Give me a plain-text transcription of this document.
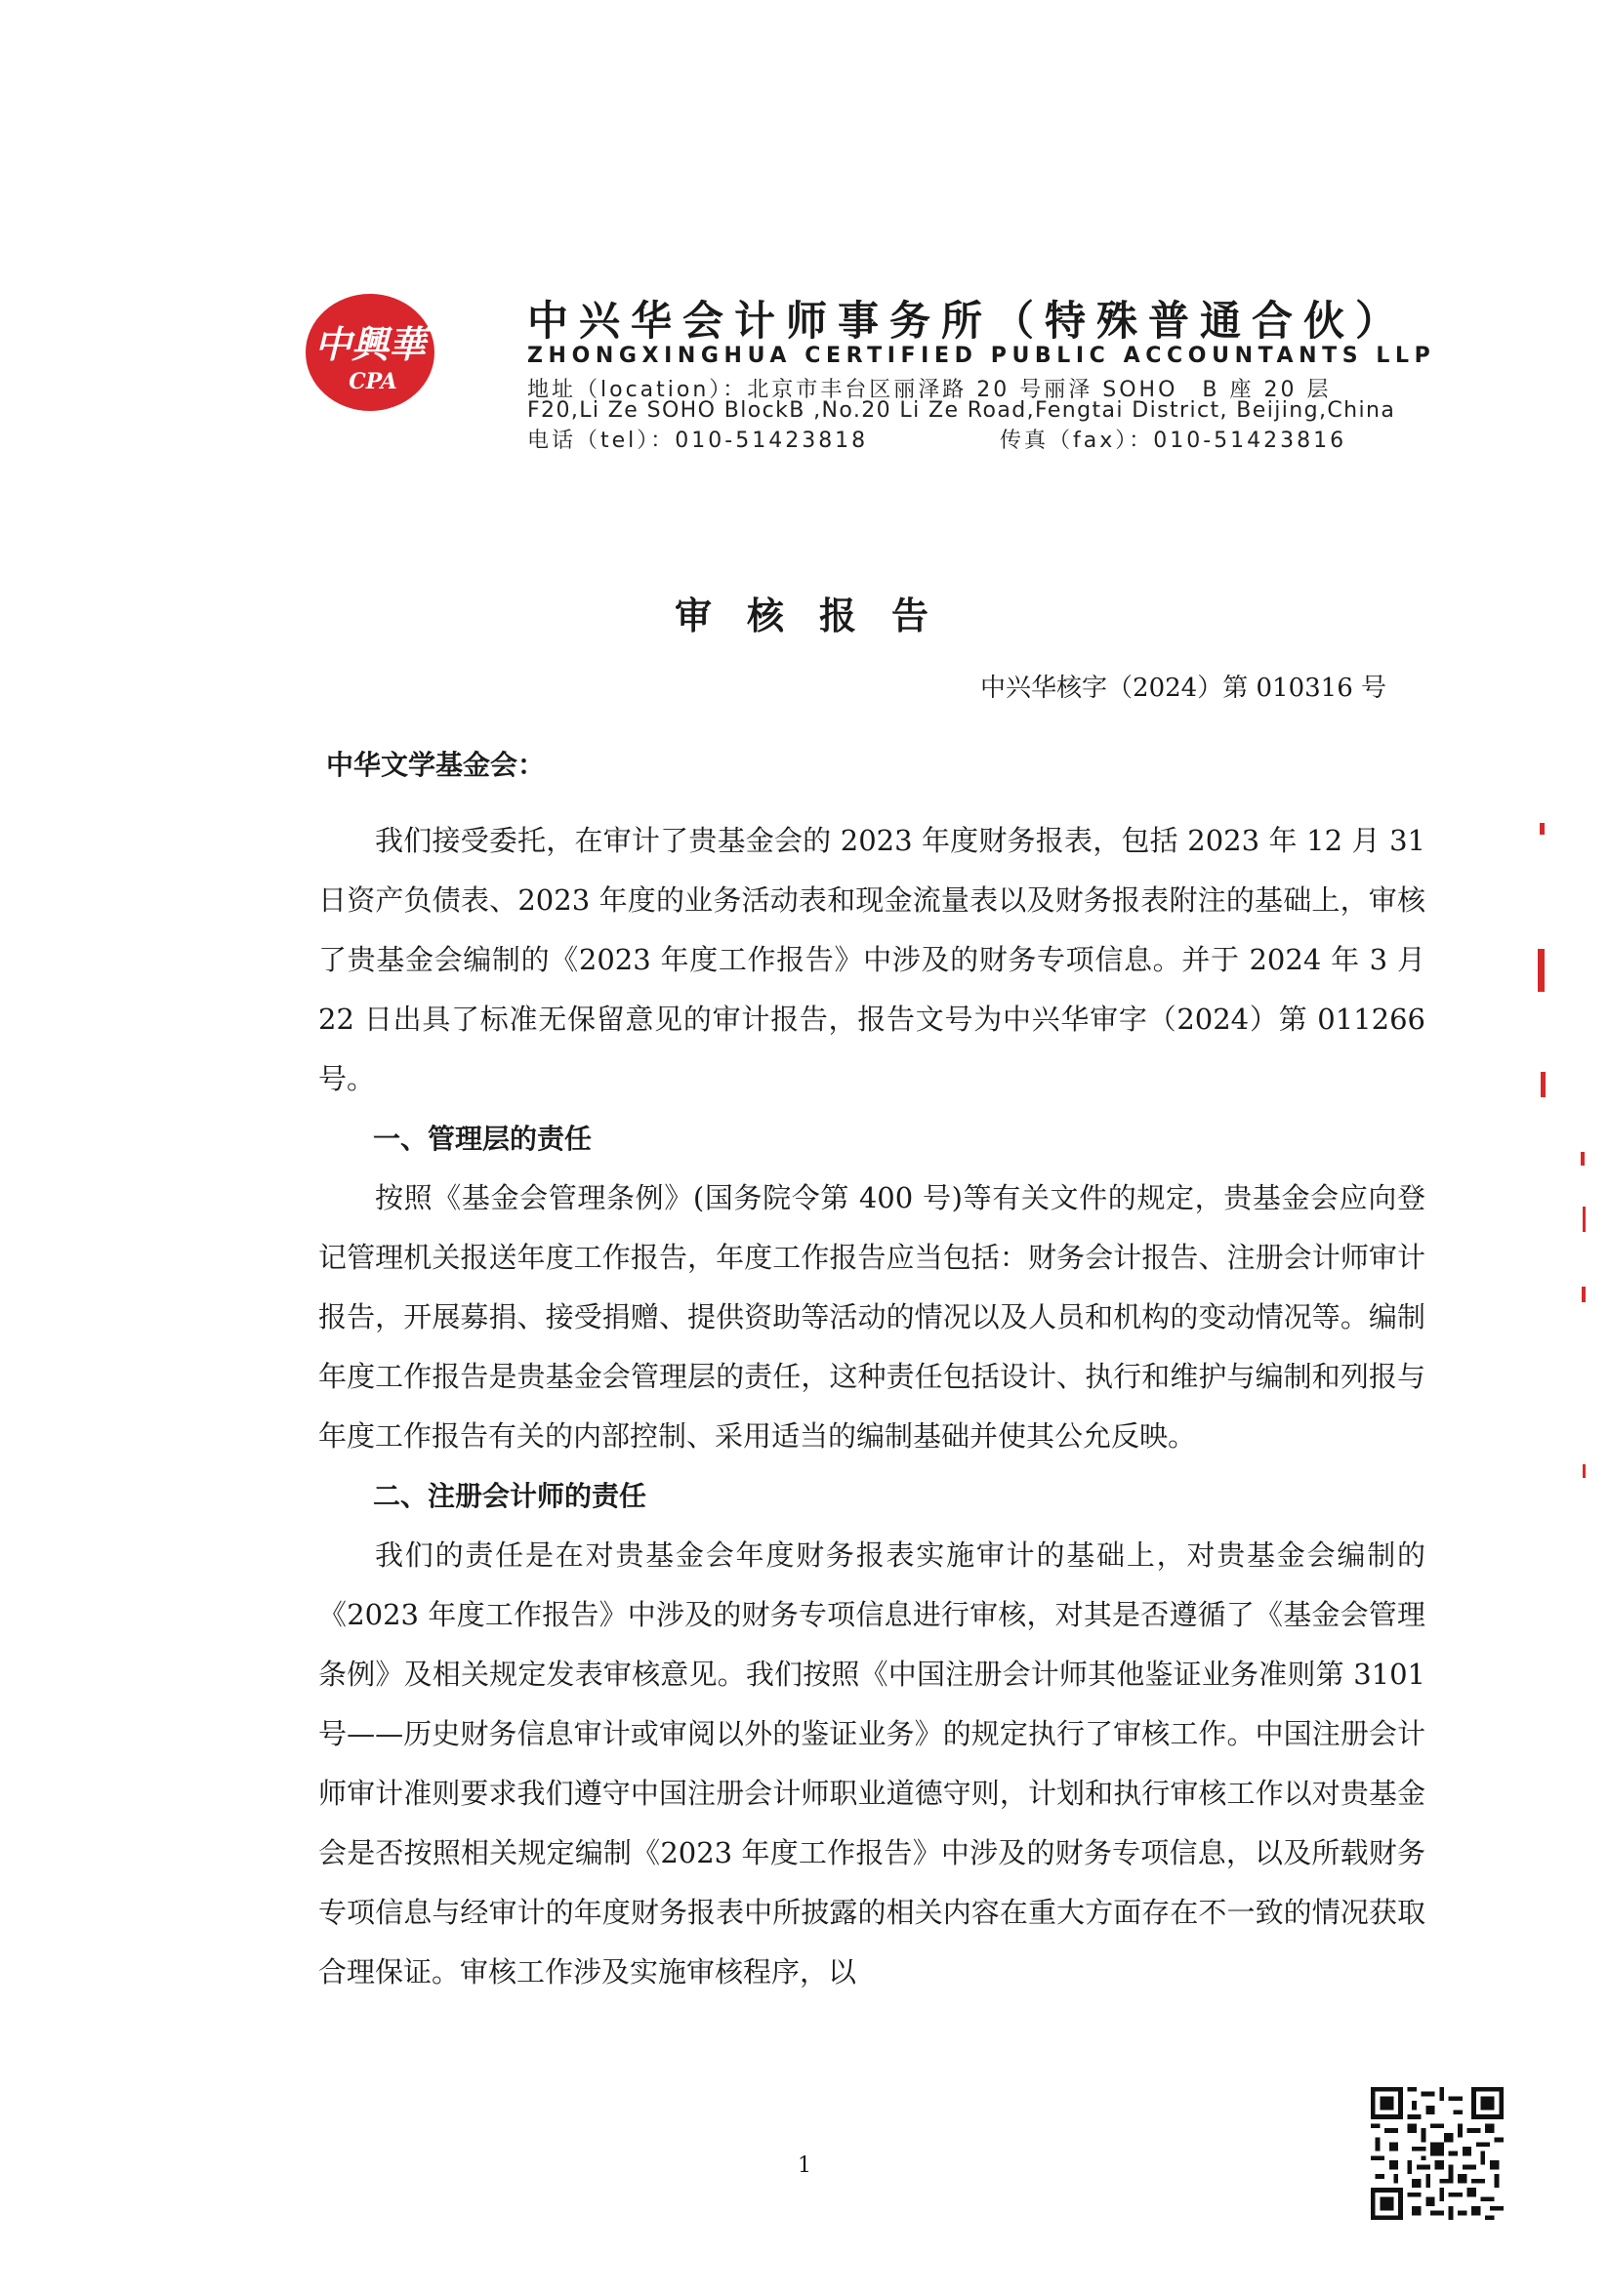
中興華
CPA
中兴华会计师事务所（特殊普通合伙）
ZHONGXINGHUA CERTIFIED PUBLIC ACCOUNTANTS LLP
地址（location）：北京市丰台区丽泽路 20 号丽泽 SOHO　B 座 20 层
F20,Li Ze SOHO BlockB ,No.20 Li Ze Road,Fengtai District, Beijing,China
电话（tel）：010-51423818	传真（fax）：010-51423816
审核报告
中兴华核字（2024）第 010316 号
中华文学基金会：

我们接受委托，在审计了贵基金会的 2023 年度财务报表，包括 2023 年 12 月 31 日资产负债表、2023 年度的业务活动表和现金流量表以及财务报表附注的基础上，审核了贵基金会编制的《2023 年度工作报告》中涉及的财务专项信息。并于 2024 年 3 月 22 日出具了标准无保留意见的审计报告，报告文号为中兴华审字（2024）第 011266 号。

一、管理层的责任

按照《基金会管理条例》(国务院令第 400 号)等有关文件的规定，贵基金会应向登记管理机关报送年度工作报告，年度工作报告应当包括：财务会计报告、注册会计师审计报告，开展募捐、接受捐赠、提供资助等活动的情况以及人员和机构的变动情况等。编制年度工作报告是贵基金会管理层的责任，这种责任包括设计、执行和维护与编制和列报与年度工作报告有关的内部控制、采用适当的编制基础并使其公允反映。

二、注册会计师的责任

我们的责任是在对贵基金会年度财务报表实施审计的基础上，对贵基金会编制的《2023 年度工作报告》中涉及的财务专项信息进行审核，对其是否遵循了《基金会管理条例》及相关规定发表审核意见。我们按照《中国注册会计师其他鉴证业务准则第 3101 号——历史财务信息审计或审阅以外的鉴证业务》的规定执行了审核工作。中国注册会计师审计准则要求我们遵守中国注册会计师职业道德守则，计划和执行审核工作以对贵基金会是否按照相关规定编制《2023 年度工作报告》中涉及的财务专项信息，以及所载财务专项信息与经审计的年度财务报表中所披露的相关内容在重大方面存在不一致的情况获取合理保证。审核工作涉及实施审核程序，以

1
